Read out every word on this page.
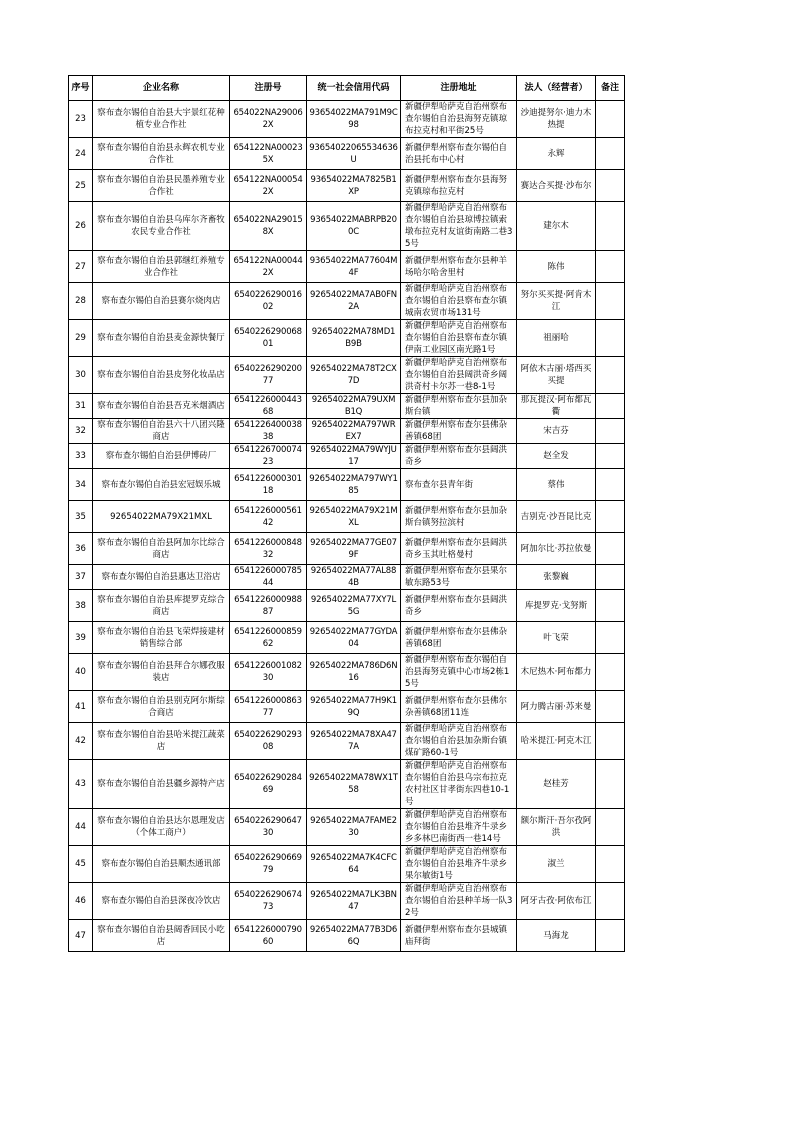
序号	企业名称	注册号	统一社会信用代码	注册地址	法人（经营者）	备注
23	察布查尔锡伯自治县大宇景红花种植专业合作社	654022NA290062X	93654022MA791M9C98	新疆伊犁哈萨克自治州察布查尔锡伯自治县海努克镇琼布拉克村和平街25号	沙迪提努尔·迪力木热提	
24	察布查尔锡伯自治县永辉农机专业合作社	654122NA000235X	93654022065534636U	新疆伊犁州察布查尔锡伯自治县托布中心村	永辉	
25	察布查尔锡伯自治县民墨养殖专业合作社	654122NA000542X	93654022MA7825B1XP	新疆伊犁州察布查尔县海努克镇琼布拉克村	赛达合买提·沙布尔	
26	察布查尔锡伯自治县乌库尔齐畜牧农民专业合作社	654022NA290158X	93654022MABRPB200C	新疆伊犁哈萨克自治州察布查尔锡伯自治县琼博拉镇索墩布拉克村友谊街南路二巷35号	建尔木	
27	察布查尔锡伯自治县郭继红养殖专业合作社	654122NA000442X	93654022MA77604M4F	新疆伊犁州察布查尔县种羊场哈尔哈舍里村	陈伟	
28	察布查尔锡伯自治县赛尔烧肉店	654022629001602	92654022MA7AB0FN2A	新疆伊犁哈萨克自治州察布查尔锡伯自治县察布查尔镇城南农贸市场131号	努尔买买提·阿肯木江	
29	察布查尔锡伯自治县麦金源快餐厅	654022629006801	92654022MA78MD1B9B	新疆伊犁哈萨克自治州察布查尔锡伯自治县察布查尔镇伊南工业园区南光路1号	祖丽哈	
30	察布查尔锡伯自治县皮努化妆品店	654022629020077	92654022MA78T2CX7D	新疆伊犁哈萨克自治州察布查尔锡伯自治县阔洪奇乡阔洪奇村卡尔苏一巷8-1号	阿依木古丽·塔西买买提	
31	察布查尔锡伯自治县吾克米烟酒店	654122600044368	92654022MA79UXMB1Q	新疆伊犁州察布查尔县加杂斯台镇	那瓦提汉·阿布都瓦衢	
32	察布查尔锡伯自治县六十八团兴隆商店	654122640003838	92654022MA797WREX7	新疆伊犁州察布查尔县佛杂善镇68团	宋吉芬	
33	察布查尔锡伯自治县伊博砖厂	654122670007423	92654022MA79WYJU17	新疆伊犁州察布查尔县阔洪奇乡	赵全发	
34	察布查尔锡伯自治县宏冠娱乐城	654122600030118	92654022MA797WY185	察布查尔县青年街	蔡伟	
35	92654022MA79X21MXL	654122600056142	92654022MA79X21MXL	新疆伊犁州察布查尔县加杂斯台镇努拉滨村	吉别克·沙吾昆比克	
36	察布查尔锡伯自治县阿加尔比综合商店	654122600084832	92654022MA77GE079F	新疆伊犁州察布查尔县阔洪奇乡玉其吐格曼村	阿加尔比·苏拉依曼	
37	察布查尔锡伯自治县惠达卫浴店	654122600078544	92654022MA77AL884B	新疆伊犁州察布查尔县果尔敏东路53号	张黎巍	
38	察布查尔锡伯自治县库提罗克综合商店	654122600098887	92654022MA77XY7L5G	新疆伊犁州察布查尔县阔洪奇乡	库提罗克·戈努斯	
39	察布查尔锡伯自治县飞荣焊接建材销售综合部	654122600085962	92654022MA77GYDA04	新疆伊犁州察布查尔县佛杂善镇68团	叶飞荣	
40	察布查尔锡伯自治县拜合尔娜孜服装店	654122600108230	92654022MA786D6N16	新疆伊犁州察布查尔锡伯自治县海努克镇中心市场2栋15号	木尼热木·阿布都力	
41	察布查尔锡伯自治县别克阿尔斯综合商店	654122600086377	92654022MA77H9K19Q	新疆伊犁州察布查尔县佛尔杂善镇68团11连	阿力腾古丽·苏来曼	
42	察布查尔锡伯自治县哈米提江蔬菜店	654022629029308	92654022MA78XA477A	新疆伊犁哈萨克自治州察布查尔锡伯自治县加杂斯台镇煤矿路60-1号	哈米提江·阿克木江	
43	察布查尔锡伯自治县疆乡源特产店	654022629028469	92654022MA78WX1T58	新疆伊犁哈萨克自治州察布查尔锡伯自治县乌宗布拉克农村社区甘孝街东四巷10-1号	赵桂芳	
44	察布查尔锡伯自治县达尔恩理发店（个体工商户）	654022629064730	92654022MA7FAME230	新疆伊犁哈萨克自治州察布查尔锡伯自治县堆齐牛录乡乡多林巴南街西一巷14号	额尔斯汗·吾尔孜阿洪	
45	察布查尔锡伯自治县顺杰通讯部	654022629066979	92654022MA7K4CFC64	新疆伊犁哈萨克自治州察布查尔锡伯自治县堆齐牛录乡果尔敏街1号	淑兰	
46	察布查尔锡伯自治县深夜冷饮店	654022629067473	92654022MA7LK3BN47	新疆伊犁哈萨克自治州察布查尔锡伯自治县种羊场一队32号	阿牙古孜·阿依布江	
47	察布查尔锡伯自治县阔香回民小吃店	654122600079060	92654022MA77B3D66Q	新疆伊犁州察布查尔县城镇庙拜街	马海龙	
